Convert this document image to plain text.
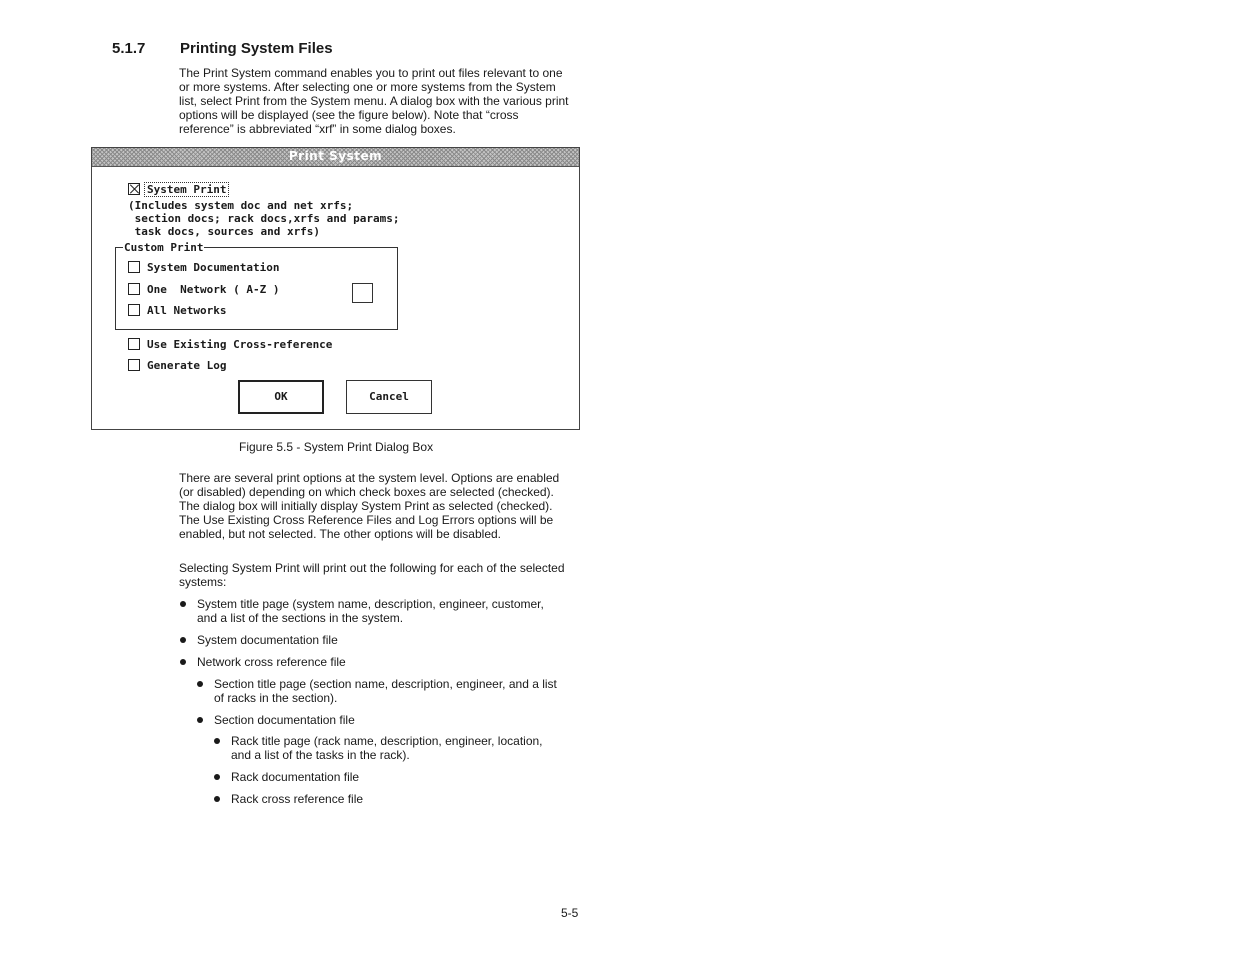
5.1.7 Printing System Files

The Print System command enables you to print out files relevant to one or more systems. After selecting one or more systems from the System list, select Print from the System menu. A dialog box with the various print options will be displayed (see the figure below). Note that “cross reference” is abbreviated “xrf” in some dialog boxes.

Print System
System Print
(Includes system doc and net xrfs;
section docs; rack docs,xrfs and params;
task docs, sources and xrfs)
Custom Print
System Documentation
One  Network ( A-Z )
All Networks
Use Existing Cross-reference
Generate Log
OK	Cancel
Figure 5.5 - System Print Dialog Box

There are several print options at the system level. Options are enabled (or disabled) depending on which check boxes are selected (checked). The dialog box will initially display System Print as selected (checked). The Use Existing Cross Reference Files and Log Errors options will be enabled, but not selected. The other options will be disabled.

Selecting System Print will print out the following for each of the selected systems:

System title page (system name, description, engineer, customer, and a list of the sections in the system.
System documentation file
Network cross reference file
Section title page (section name, description, engineer, and a list of racks in the section).
Section documentation file
Rack title page (rack name, description, engineer, location, and a list of the tasks in the rack).
Rack documentation file
Rack cross reference file
5-5
